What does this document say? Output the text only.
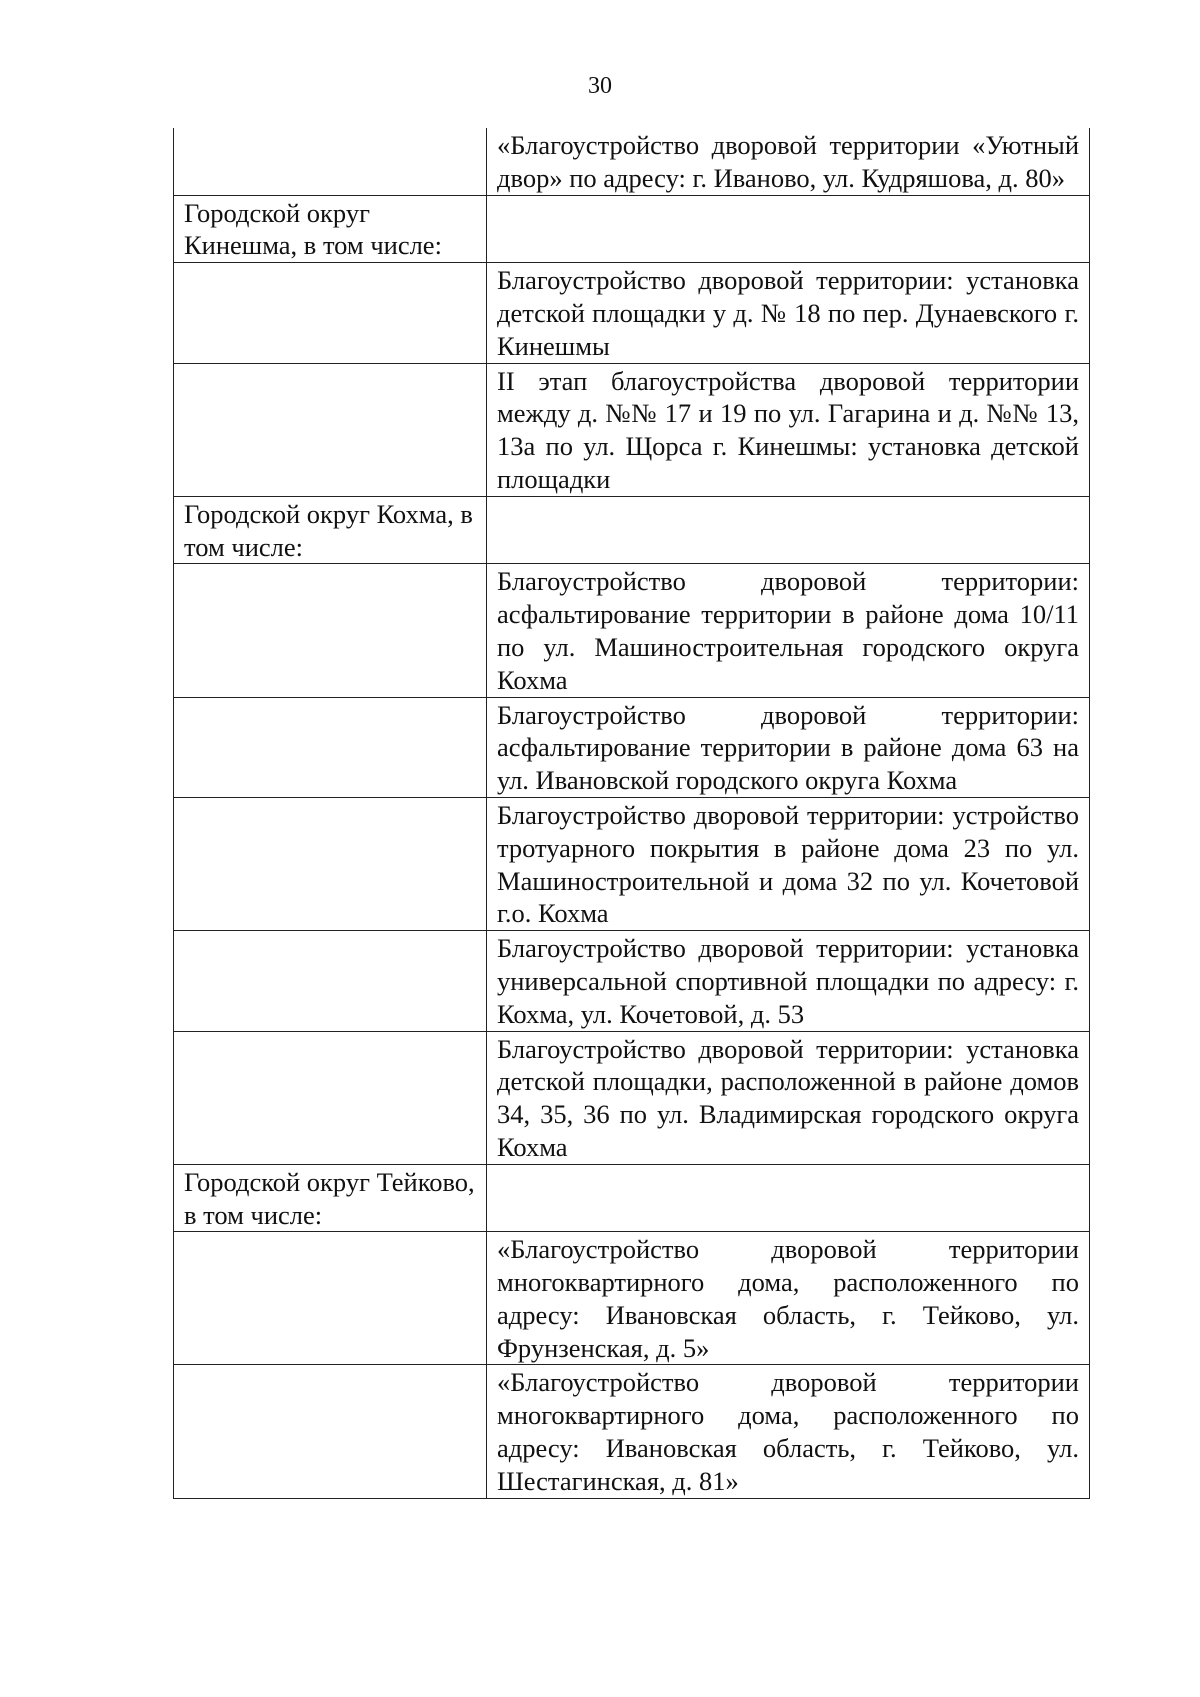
30
	«Благоустройство дворовой территории «Уютный двор» по адресу: г. Иваново, ул. Кудряшова, д. 80»
Городской округ Кинешма, в том числе:	
	Благоустройство дворовой территории: установка детской площадки у д. № 18 по пер. Дунаевского г. Кинешмы
	II этап благоустройства дворовой территории между д. №№ 17 и 19 по ул. Гагарина и д. №№ 13, 13а по ул. Щорса г. Кинешмы: установка детской площадки
Городской округ Кохма, в том числе:	
	Благоустройство дворовой территории: асфальтирование территории в районе дома 10/11 по ул. Машиностроительная городского округа Кохма
	Благоустройство дворовой территории: асфальтирование территории в районе дома 63 на ул. Ивановской городского округа Кохма
	Благоустройство дворовой территории: устройство тротуарного покрытия в районе дома 23 по ул. Машиностроительной и дома 32 по ул. Кочетовой г.о. Кохма
	Благоустройство дворовой территории: установка универсальной спортивной площадки по адресу: г. Кохма, ул. Кочетовой, д. 53
	Благоустройство дворовой территории: установка детской площадки, расположенной в районе домов 34, 35, 36 по ул. Владимирская городского округа Кохма
Городской округ Тейково, в том числе:	
	«Благоустройство дворовой территории многоквартирного дома, расположенного по адресу: Ивановская область, г. Тейково, ул. Фрунзенская, д. 5»
	«Благоустройство дворовой территории многоквартирного дома, расположенного по адресу: Ивановская область, г. Тейково, ул. Шестагинская, д. 81»
